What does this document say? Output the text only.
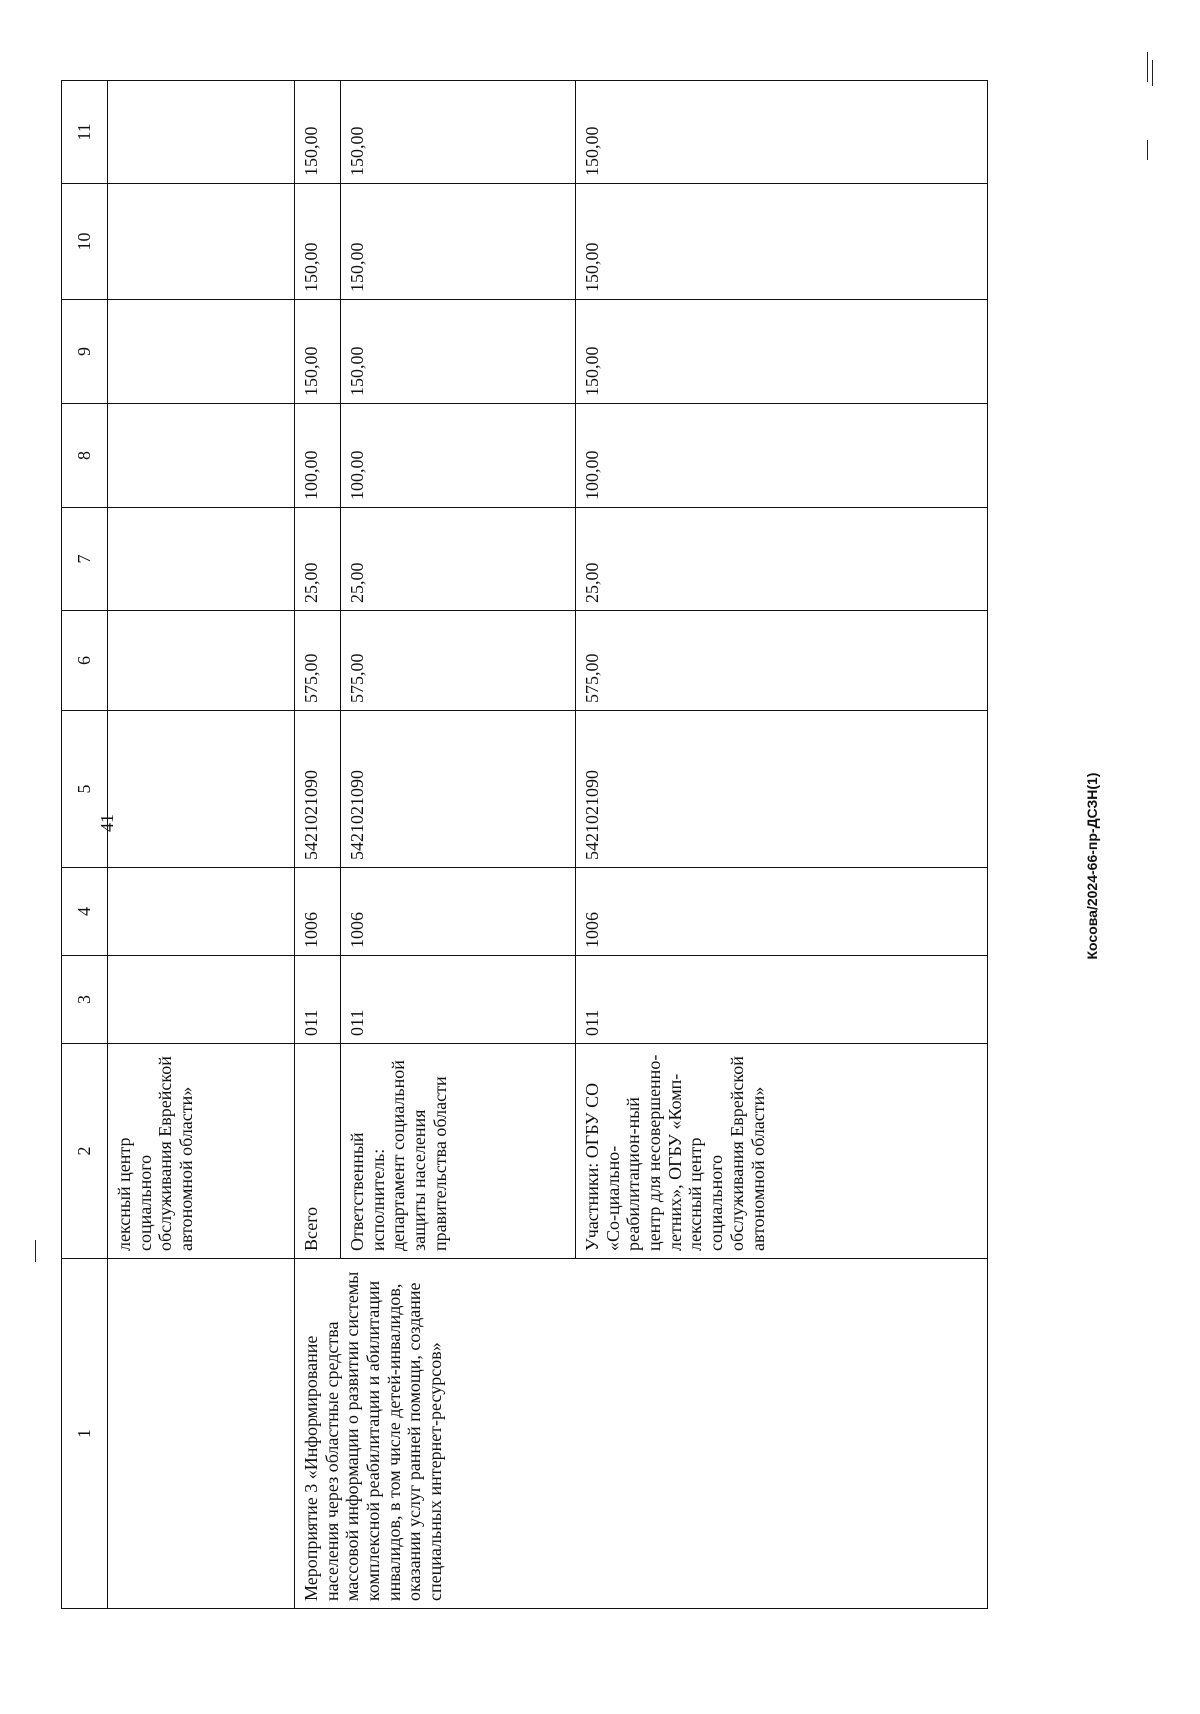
41	Косова/2024-66-пр-ДСЗН(1)
1	2	3	4	5	6	7	8	9	10	11
	лексный центр социального обслуживания Еврейской автономной области»									
Мероприятие 3 «Информирование населения через областные средства массовой информации о развитии системы комплексной реабилитации и абилитации инвалидов, в том числе детей-инвалидов, оказании услуг ранней помощи, создание специальных интернет-ресурсов»	Всего	011	1006	5421021090	575,00	25,00	100,00	150,00	150,00	150,00
	Ответственный исполнитель: департамент социальной защиты населения правительства области	011	1006	5421021090	575,00	25,00	100,00	150,00	150,00	150,00
	Участники: ОГБУ СО «Со-циально-реабилитацион-ный центр для несовершенно-летних», ОГБУ «Комп-лексный центр социального обслуживания Еврейской автономной области»	011	1006	5421021090	575,00	25,00	100,00	150,00	150,00	150,00
